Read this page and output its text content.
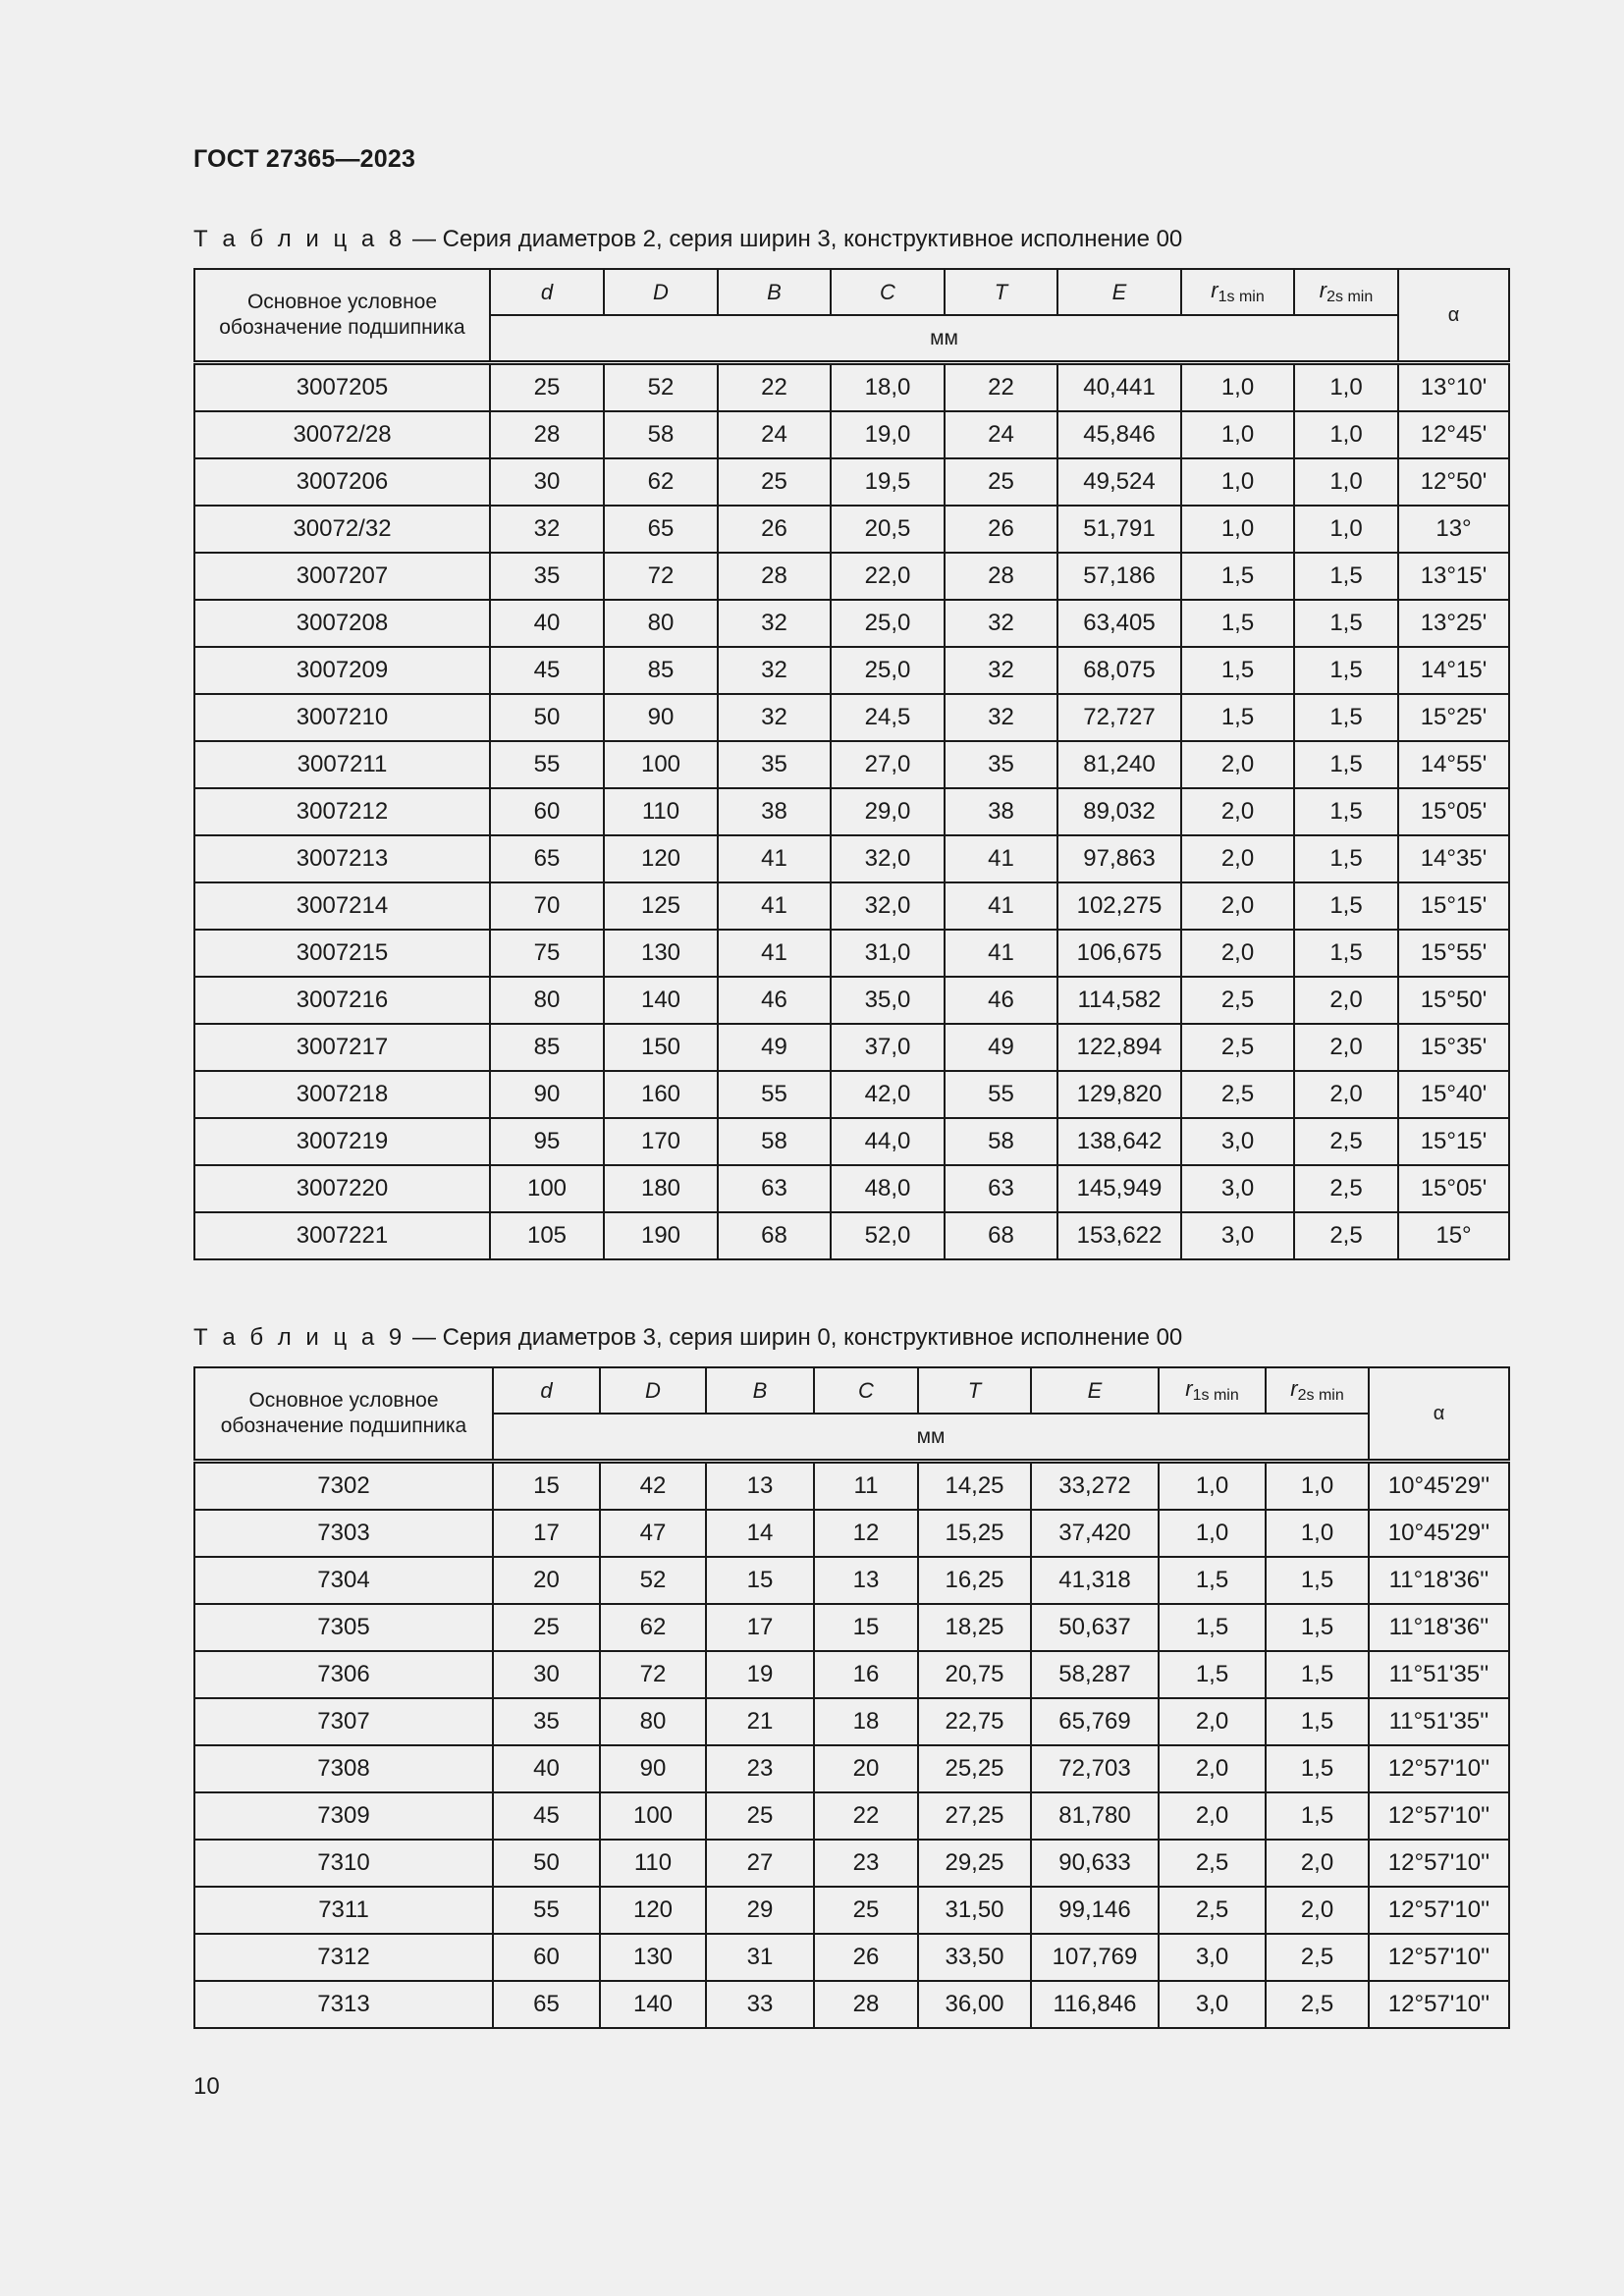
ГОСТ 27365—2023
Т а б л и ц а 8 — Серия диаметров 2, серия ширин 3, конструктивное исполнение 00
Основное условное обозначение подшипника	d	D	B	C	T	E	$r_{1s min}$	$r_{2s min}$	α
	мм								
3007205	25	52	22	18,0	22	40,441	1,0	1,0	13°10'
30072/28	28	58	24	19,0	24	45,846	1,0	1,0	12°45'
3007206	30	62	25	19,5	25	49,524	1,0	1,0	12°50'
30072/32	32	65	26	20,5	26	51,791	1,0	1,0	13°
3007207	35	72	28	22,0	28	57,186	1,5	1,5	13°15'
3007208	40	80	32	25,0	32	63,405	1,5	1,5	13°25'
3007209	45	85	32	25,0	32	68,075	1,5	1,5	14°15'
3007210	50	90	32	24,5	32	72,727	1,5	1,5	15°25'
3007211	55	100	35	27,0	35	81,240	2,0	1,5	14°55'
3007212	60	110	38	29,0	38	89,032	2,0	1,5	15°05'
3007213	65	120	41	32,0	41	97,863	2,0	1,5	14°35'
3007214	70	125	41	32,0	41	102,275	2,0	1,5	15°15'
3007215	75	130	41	31,0	41	106,675	2,0	1,5	15°55'
3007216	80	140	46	35,0	46	114,582	2,5	2,0	15°50'
3007217	85	150	49	37,0	49	122,894	2,5	2,0	15°35'
3007218	90	160	55	42,0	55	129,820	2,5	2,0	15°40'
3007219	95	170	58	44,0	58	138,642	3,0	2,5	15°15'
3007220	100	180	63	48,0	63	145,949	3,0	2,5	15°05'
3007221	105	190	68	52,0	68	153,622	3,0	2,5	15°
Т а б л и ц а 9 — Серия диаметров 3, серия ширин 0, конструктивное исполнение 00
Основное условное обозначение подшипника	d	D	B	C	T	E	$r_{1s min}$	$r_{2s min}$	α
	мм								
7302	15	42	13	11	14,25	33,272	1,0	1,0	10°45'29''
7303	17	47	14	12	15,25	37,420	1,0	1,0	10°45'29''
7304	20	52	15	13	16,25	41,318	1,5	1,5	11°18'36''
7305	25	62	17	15	18,25	50,637	1,5	1,5	11°18'36''
7306	30	72	19	16	20,75	58,287	1,5	1,5	11°51'35''
7307	35	80	21	18	22,75	65,769	2,0	1,5	11°51'35''
7308	40	90	23	20	25,25	72,703	2,0	1,5	12°57'10''
7309	45	100	25	22	27,25	81,780	2,0	1,5	12°57'10''
7310	50	110	27	23	29,25	90,633	2,5	2,0	12°57'10''
7311	55	120	29	25	31,50	99,146	2,5	2,0	12°57'10''
7312	60	130	31	26	33,50	107,769	3,0	2,5	12°57'10''
7313	65	140	33	28	36,00	116,846	3,0	2,5	12°57'10''
10
